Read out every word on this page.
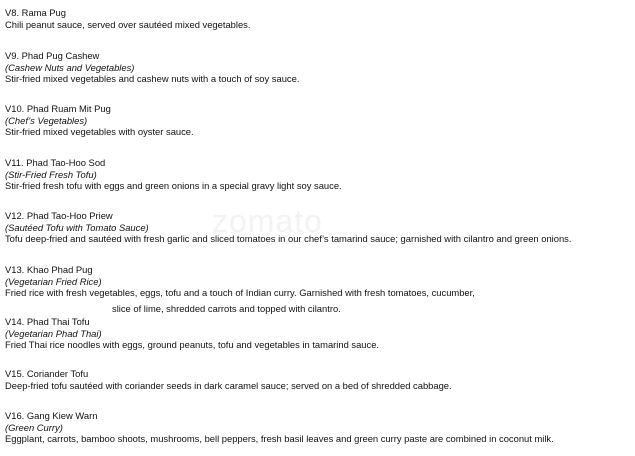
zomato
V8. Rama Pug
Chili peanut sauce, served over sautéed mixed vegetables.
V9. Phad Pug Cashew
(Cashew Nuts and Vegetables)
Stir-fried mixed vegetables and cashew nuts with a touch of soy sauce.
V10. Phad Ruam Mit Pug
(Chef’s Vegetables)
Stir-fried mixed vegetables with oyster sauce.
V11. Phad Tao-Hoo Sod
(Stir-Fried Fresh Tofu)
Stir-fried fresh tofu with eggs and green onions in a special gravy light soy sauce.
V12. Phad Tao-Hoo Priew
(Sautéed Tofu with Tomato Sauce)
Tofu deep-fried and sautéed with fresh garlic and sliced tomatoes in our chef’s tamarind sauce; garnished with cilantro and green onions.
V13. Khao Phad Pug
(Vegetarian Fried Rice)
Fried rice with fresh vegetables, eggs, tofu and a touch of Indian curry. Garnished with fresh tomatoes, cucumber,
slice of lime, shredded carrots and topped with cilantro.
V14. Phad Thai Tofu
(Vegetarian Phad Thai)
Fried Thai rice noodles with eggs, ground peanuts, tofu and vegetables in tamarind sauce.
V15. Coriander Tofu
Deep-fried tofu sautéed with coriander seeds in dark caramel sauce; served on a bed of shredded cabbage.
V16. Gang Kiew Warn
(Green Curry)
Eggplant, carrots, bamboo shoots, mushrooms, bell peppers, fresh basil leaves and green curry paste are combined in coconut milk.
